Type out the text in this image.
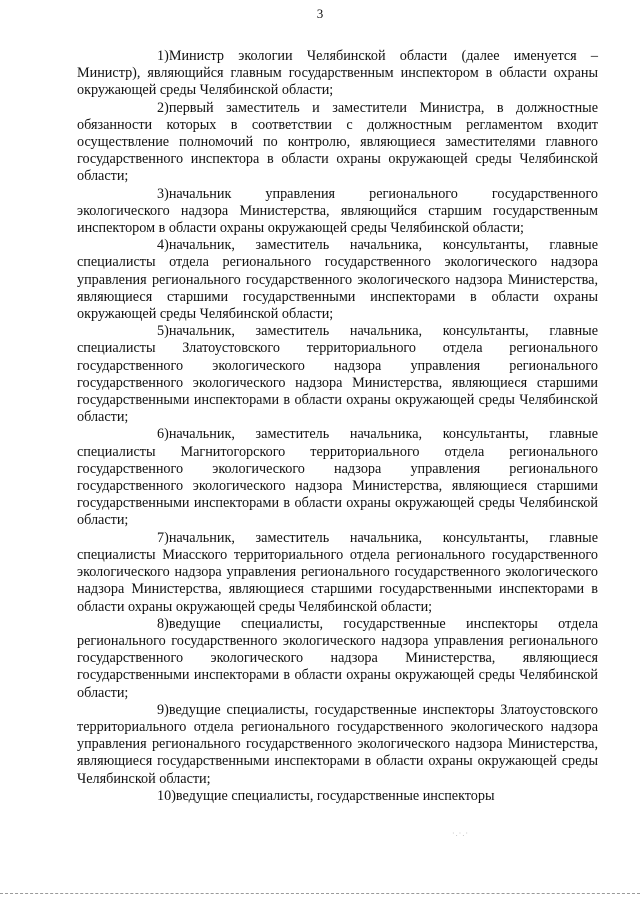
3

1)Министр экологии Челябинской области (далее именуется – Министр), являющийся главным государственным инспектором в области охраны окружающей среды Челябинской области;

2)первый заместитель и заместители Министра, в должностные обязанности которых в соответствии с должностным регламентом входит осуществление полномочий по контролю, являющиеся заместителями главного государственного инспектора в области охраны окружающей среды Челябинской области;

3)начальник управления регионального государственного экологического надзора Министерства, являющийся старшим государственным инспектором в области охраны окружающей среды Челябинской области;

4)начальник, заместитель начальника, консультанты, главные специалисты отдела регионального государственного экологического надзора управления регионального государственного экологического надзора Министерства, являющиеся старшими государственными инспекторами в области охраны окружающей среды Челябинской области;

5)начальник, заместитель начальника, консультанты, главные специалисты Златоустовского территориального отдела регионального государственного экологического надзора управления регионального государственного экологического надзора Министерства, являющиеся старшими государственными инспекторами в области охраны окружающей среды Челябинской области;

6)начальник, заместитель начальника, консультанты, главные специалисты Магнитогорского территориального отдела регионального государственного экологического надзора управления регионального государственного экологического надзора Министерства, являющиеся старшими государственными инспекторами в области охраны окружающей среды Челябинской области;

7)начальник, заместитель начальника, консультанты, главные специалисты Миасского территориального отдела регионального государственного экологического надзора управления регионального государственного экологического надзора Министерства, являющиеся старшими государственными инспекторами в области охраны окружающей среды Челябинской области;

8)ведущие специалисты, государственные инспекторы отдела регионального государственного экологического надзора управления регионального государственного экологического надзора Министерства, являющиеся государственными инспекторами в области охраны окружающей среды Челябинской области;

9)ведущие специалисты, государственные инспекторы Златоустовского территориального отдела регионального государственного экологического надзора управления регионального государственного экологического надзора Министерства, являющиеся государственными инспекторами в области охраны окружающей среды Челябинской области;

10)ведущие специалисты, государственные инспекторы

·.·.·
